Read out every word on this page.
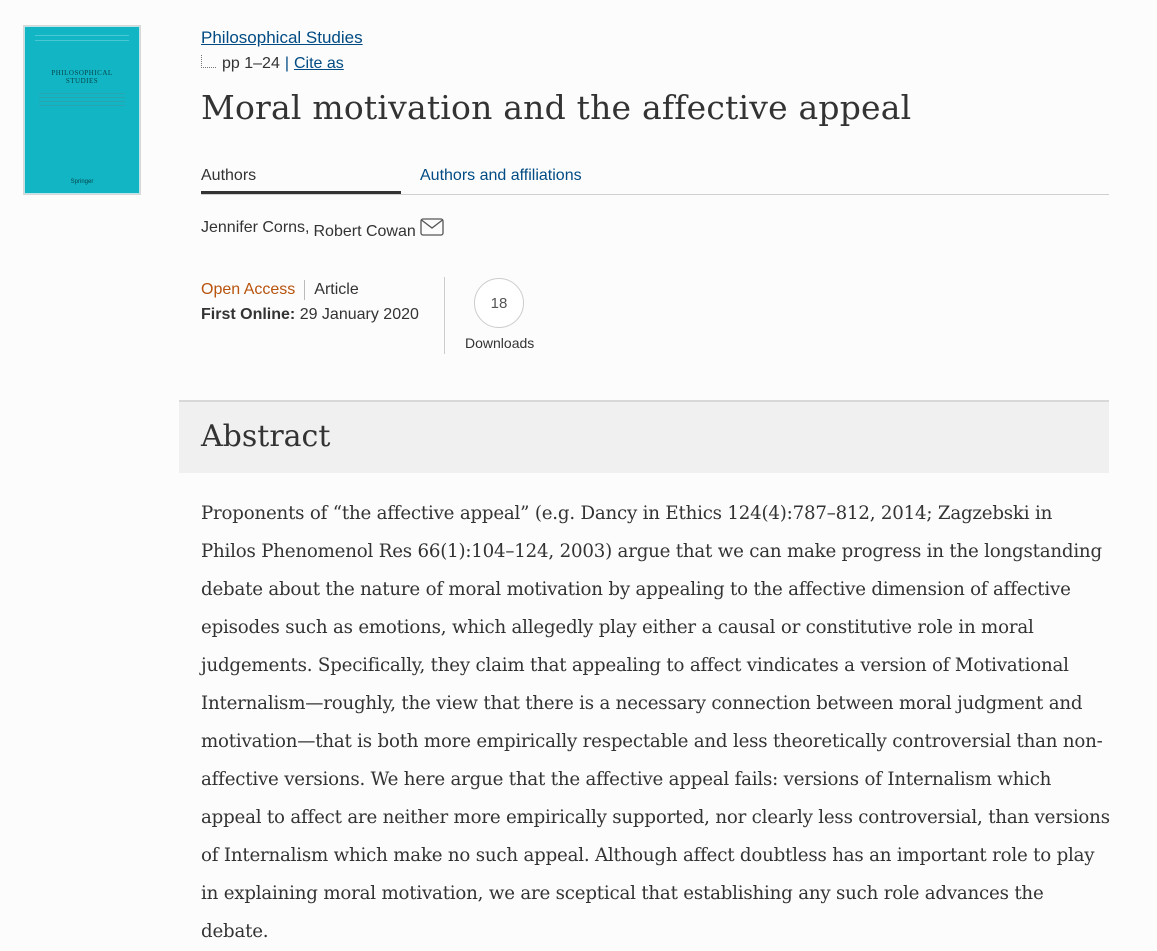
PHILOSOPHICAL
STUDIES
Springer
Philosophical Studies
pp 1–24 | Cite as
Moral motivation and the affective appeal
Authors	Authors and affiliations
Jennifer Corns, Robert Cowan
Open Access Article
First Online: 29 January 2020
18
Downloads
Abstract

Proponents of “the affective appeal” (e.g. Dancy in Ethics 124(4):787–812, 2014; Zagzebski in Philos Phenomenol Res 66(1):104–124, 2003) argue that we can make progress in the longstanding debate about the nature of moral motivation by appealing to the affective dimension of affective episodes such as emotions, which allegedly play either a causal or constitutive role in moral judgements. Specifically, they claim that appealing to affect vindicates a version of Motivational Internalism—roughly, the view that there is a necessary connection between moral judgment and motivation—that is both more empirically respectable and less theoretically controversial than non-affective versions. We here argue that the affective appeal fails: versions of Internalism which appeal to affect are neither more empirically supported, nor clearly less controversial, than versions of Internalism which make no such appeal. Although affect doubtless has an important role to play in explaining moral motivation, we are sceptical that establishing any such role advances the debate.
